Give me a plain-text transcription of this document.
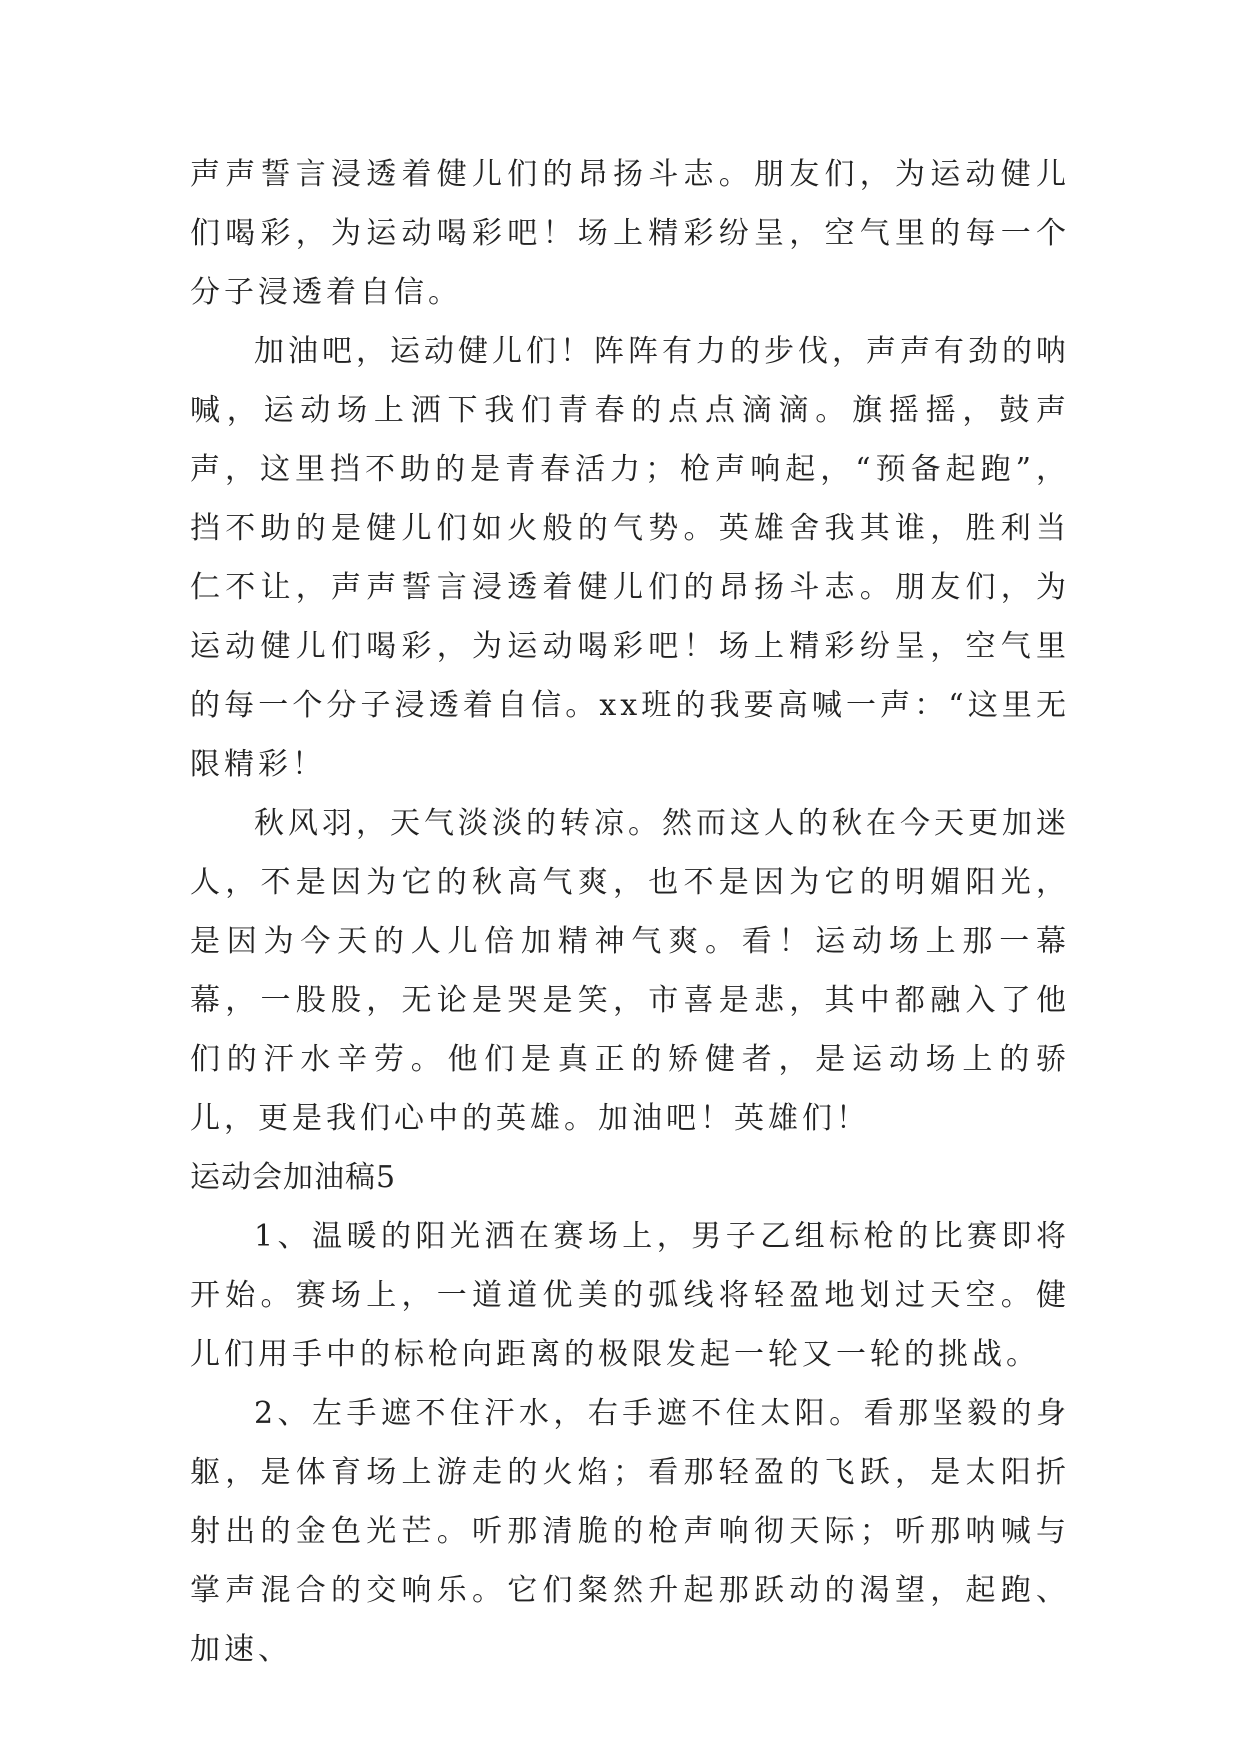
声声誓言浸透着健儿们的昂扬斗志。朋友们，为运动健儿们喝彩，为运动喝彩吧！场上精彩纷呈，空气里的每一个分子浸透着自信。

加油吧，运动健儿们！阵阵有力的步伐，声声有劲的呐喊，运动场上洒下我们青春的点点滴滴。旗摇摇，鼓声声，这里挡不助的是青春活力；枪声响起，“预备起跑”，挡不助的是健儿们如火般的气势。英雄舍我其谁，胜利当仁不让，声声誓言浸透着健儿们的昂扬斗志。朋友们，为运动健儿们喝彩，为运动喝彩吧！场上精彩纷呈，空气里的每一个分子浸透着自信。xx班的我要高喊一声：“这里无限精彩！

秋风羽，天气淡淡的转凉。然而这人的秋在今天更加迷人，不是因为它的秋高气爽，也不是因为它的明媚阳光，是因为今天的人儿倍加精神气爽。看！运动场上那一幕幕，一股股，无论是哭是笑，市喜是悲，其中都融入了他们的汗水辛劳。他们是真正的矫健者，是运动场上的骄儿，更是我们心中的英雄。加油吧！英雄们！

运动会加油稿5

1、温暖的阳光洒在赛场上，男子乙组标枪的比赛即将开始。赛场上，一道道优美的弧线将轻盈地划过天空。健儿们用手中的标枪向距离的极限发起一轮又一轮的挑战。

2、左手遮不住汗水，右手遮不住太阳。看那坚毅的身躯，是体育场上游走的火焰；看那轻盈的飞跃，是太阳折射出的金色光芒。听那清脆的枪声响彻天际；听那呐喊与掌声混合的交响乐。它们粲然升起那跃动的渴望，起跑、加速、
